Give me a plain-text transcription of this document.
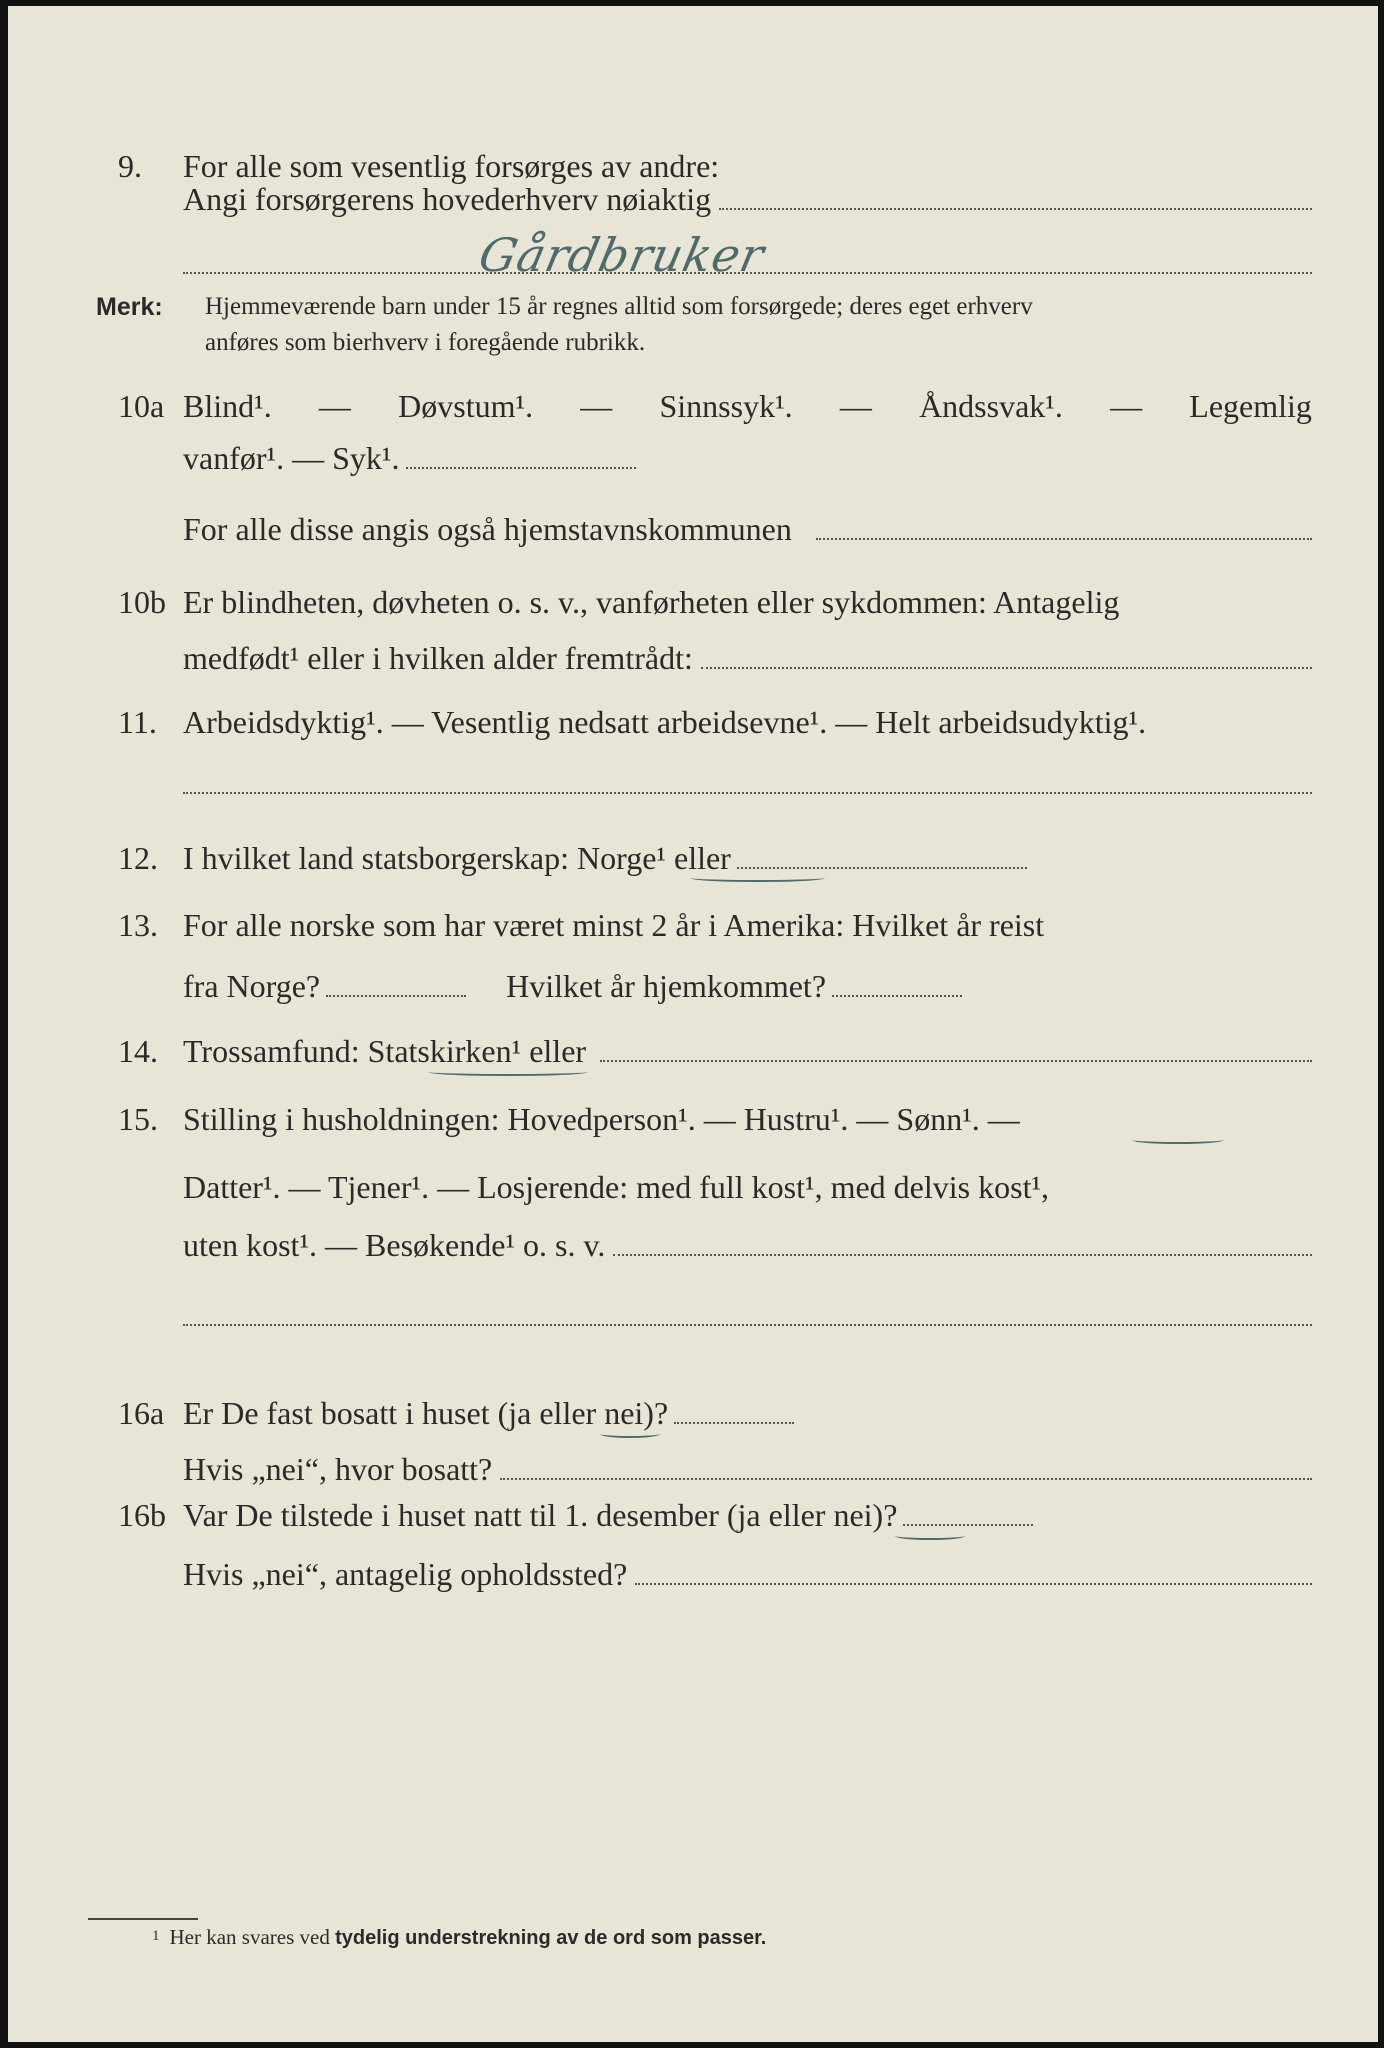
9. For alle som vesentlig forsørges av andre:
Angi forsørgerens hovederhverv nøiaktig
Gårdbruker
Merk: Hjemmeværende barn under 15 år regnes alltid som forsørgede; deres eget erhverv
anføres som bierhverv i foregående rubrikk.
10a Blind¹. — Døvstum¹. — Sinnssyk¹. — Åndssvak¹. — Legemlig
vanfør¹. — Syk¹.
For alle disse angis også hjemstavnskommunen
10b Er blindheten, døvheten o. s. v., vanførheten eller sykdommen: Antagelig
medfødt¹ eller i hvilken alder fremtrådt:
11. Arbeidsdyktig¹. — Vesentlig nedsatt arbeidsevne¹. — Helt arbeidsudyktig¹.
12. I hvilket land statsborgerskap: Norge¹ eller
13. For alle norske som har været minst 2 år i Amerika: Hvilket år reist
fra Norge?	Hvilket år hjemkommet?
14. Trossamfund: Statskirken¹ eller
15. Stilling i husholdningen: Hovedperson¹. — Hustru¹. — Sønn¹. —
Datter¹. — Tjener¹. — Losjerende: med full kost¹, med delvis kost¹,
uten kost¹. — Besøkende¹ o. s. v.
16a Er De fast bosatt i huset (ja eller nei)?
Hvis „nei“, hvor bosatt?
16b Var De tilstede i huset natt til 1. desember (ja eller nei)?
Hvis „nei“, antagelig opholdssted?
1 Her kan svares ved tydelig understrekning av de ord som passer.
